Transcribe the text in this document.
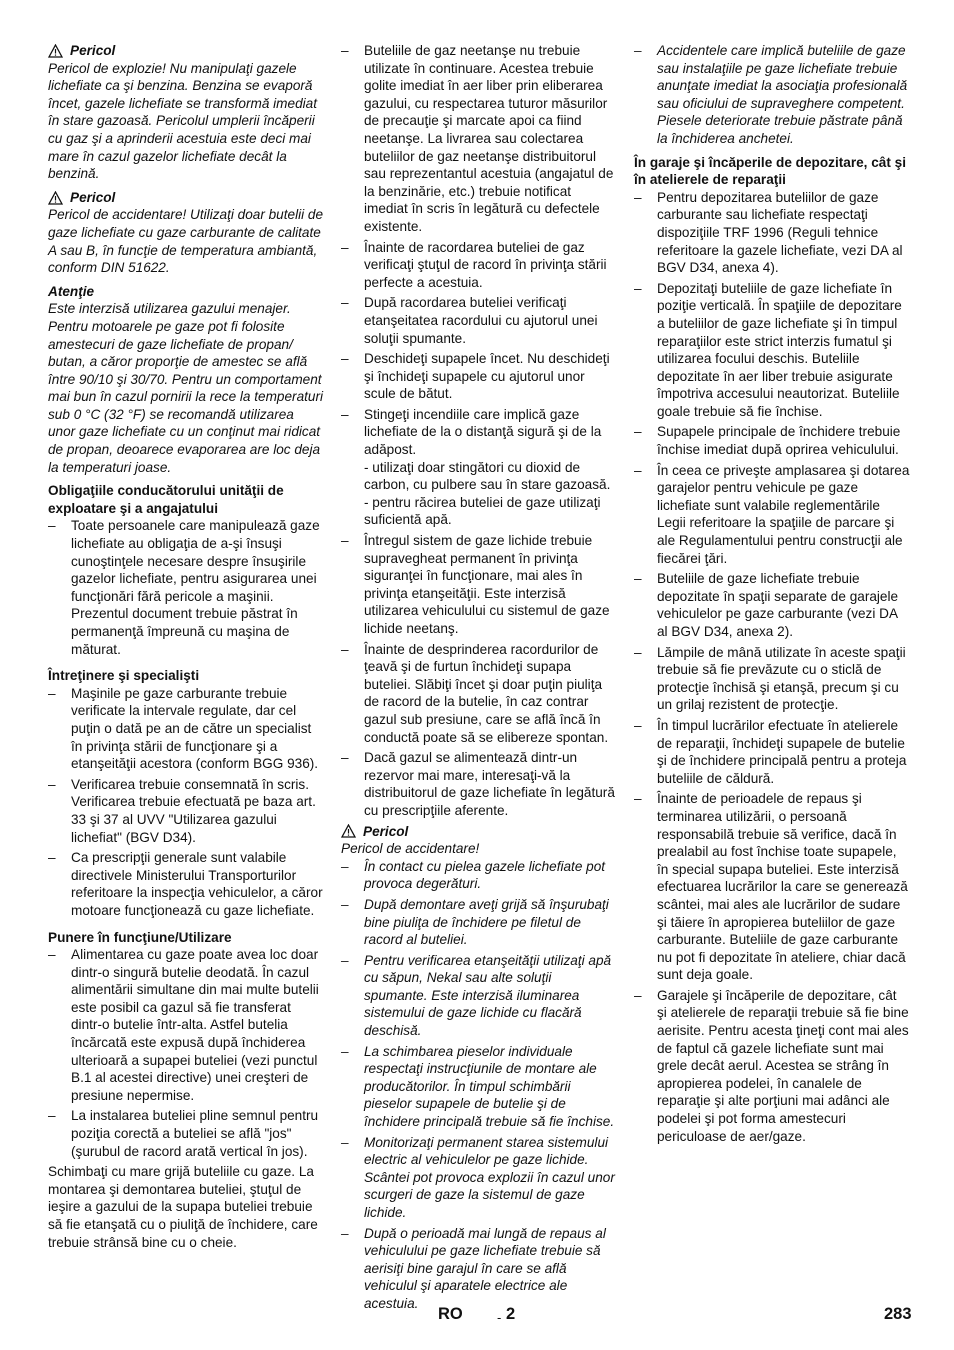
Pericol

Pericol de explozie! Nu manipulaţi gazele lichefiate ca şi benzina. Benzina se evaporă încet, gazele lichefiate se transformă imediat în stare gazoasă. Pericolul umplerii încăperii cu gaz şi a aprinderii acestuia este deci mai mare în cazul gazelor lichefiate decât la benzină.

Pericol

Pericol de accidentare! Utilizaţi doar butelii de gaze lichefiate cu gaze carburante de calitate A sau B, în funcţie de temperatura ambiantă, conform DIN 51622.

Atenţie

Este interzisă utilizarea gazului menajer. Pentru motoarele pe gaze pot fi folosite amestecuri de gaze lichefiate de propan/ butan, a căror proporţie de amestec se află între 90/10 şi 30/70. Pentru un comportament mai bun în cazul pornirii la rece la temperaturi sub 0 °C (32 °F) se recomandă utilizarea unor gaze lichefiate cu un conţinut mai ridicat de propan, deoarece evaporarea are loc deja la temperaturi joase.

Obligaţiile conducătorului unităţii de exploatare şi a angajatului

– Toate persoanele care manipulează gaze lichefiate au obligaţia de a-şi însuşi cunoştinţele necesare despre însuşirile gazelor lichefiate, pentru asigurarea unei funcţionări fără pericole a maşinii. Prezentul document trebuie păstrat în permanenţă împreună cu maşina de măturat.

Întreţinere şi specialişti

– Maşinile pe gaze carburante trebuie verificate la intervale regulate, dar cel puţin o dată pe an de către un specialist în privinţa stării de funcţionare şi a etanşeităţii acestora (conform BGG 936).
– Verificarea trebuie consemnată în scris. Verificarea trebuie efectuată pe baza art. 33 şi 37 al UVV "Utilizarea gazului lichefiat" (BGV D34).
– Ca prescripţii generale sunt valabile directivele Ministerului Transporturilor referitoare la inspecţia vehiculelor, a căror motoare funcţionează cu gaze lichefiate.

Punere în funcţiune/Utilizare

– Alimentarea cu gaze poate avea loc doar dintr-o singură butelie deodată. În cazul alimentării simultane din mai multe butelii este posibil ca gazul să fie transferat dintr-o butelie într-alta. Astfel butelia încărcată este expusă după închiderea ulterioară a supapei buteliei (vezi punctul B.1 al acestei directive) unei creşteri de presiune nepermise.
– La instalarea buteliei pline semnul pentru poziţia corectă a buteliei se află "jos" (şurubul de racord arată vertical în jos).

Schimbaţi cu mare grijă buteliile cu gaze. La montarea şi demontarea buteliei, ştuţul de ieşire a gazului de la supapa buteliei trebuie să fie etanşată cu o piuliţă de închidere, care trebuie strânsă bine cu o cheie.

– Buteliile de gaz neetanşe nu trebuie utilizate în continuare. Acestea trebuie golite imediat în aer liber prin eliberarea gazului, cu respectarea tuturor măsurilor de precauţie şi marcate apoi ca fiind neetanşe. La livrarea sau colectarea buteliilor de gaz neetanşe distribuitorul sau reprezentantul acestuia (angajatul de la benzinărie, etc.) trebuie notificat imediat în scris în legătură cu defectele existente.
– Înainte de racordarea buteliei de gaz verificaţi ştuţul de racord în privinţa stării perfecte a acestuia.
– După racordarea buteliei verificaţi etanşeitatea racordului cu ajutorul unei soluţii spumante.
– Deschideţi supapele încet. Nu deschideţi şi închideţi supapele cu ajutorul unor scule de bătut.
– Stingeţi incendiile care implică gaze lichefiate de la o distanţă sigură şi de la adăpost.
- utilizaţi doar stingători cu dioxid de carbon, cu pulbere sau în stare gazoasă.
- pentru răcirea buteliei de gaze utilizaţi suficientă apă.
– Întregul sistem de gaze lichide trebuie supravegheat permanent în privinţa siguranţei în funcţionare, mai ales în privinţa etanşeităţii. Este interzisă utilizarea vehiculului cu sistemul de gaze lichide neetanş.
– Înainte de desprinderea racordurilor de ţeavă şi de furtun închideţi supapa buteliei. Slăbiţi încet şi doar puţin piuliţa de racord de la butelie, în caz contrar gazul sub presiune, care se află încă în conductă poate să se elibereze spontan.
– Dacă gazul se alimentează dintr-un rezervor mai mare, interesaţi-vă la distribuitorul de gaze lichefiate în legătură cu prescripţiile aferente.

Pericol

Pericol de accidentare!

– În contact cu pielea gazele lichefiate pot provoca degerături.
– După demontare aveţi grijă să înşurubaţi bine piuliţa de închidere pe filetul de racord al buteliei.
– Pentru verificarea etanşeităţii utilizaţi apă cu săpun, Nekal sau alte soluţii spumante. Este interzisă iluminarea sistemului de gaze lichide cu flacără deschisă.
– La schimbarea pieselor individuale respectaţi instrucţiunile de montare ale producătorilor. În timpul schimbării pieselor supapele de butelie şi de închidere principală trebuie să fie închise.
– Monitorizaţi permanent starea sistemului electric al vehiculelor pe gaze lichide. Scântei pot provoca explozii în cazul unor scurgeri de gaze la sistemul de gaze lichide.
– După o perioadă mai lungă de repaus al vehiculului pe gaze lichefiate trebuie să aerisiţi bine garajul în care se află vehiculul şi aparatele electrice ale acestuia.
– Accidentele care implică buteliile de gaze sau instalaţiile pe gaze lichefiate trebuie anunţate imediat la asociaţia profesională sau oficiului de supraveghere competent. Piesele deteriorate trebuie păstrate până la închiderea anchetei.

În garaje şi încăperile de depozitare, cât şi în atelierele de reparaţii

– Pentru depozitarea buteliilor de gaze carburante sau lichefiate respectaţi dispoziţiile TRF 1996 (Reguli tehnice referitoare la gazele lichefiate, vezi DA al BGV D34, anexa 4).
– Depozitaţi buteliile de gaze lichefiate în poziţie verticală. În spaţiile de depozitare a buteliilor de gaze lichefiate şi în timpul reparaţiilor este strict interzis fumatul şi utilizarea focului deschis. Buteliile depozitate în aer liber trebuie asigurate împotriva accesului neautorizat. Buteliile goale trebuie să fie închise.
– Supapele principale de închidere trebuie închise imediat după oprirea vehiculului.
– În ceea ce priveşte amplasarea şi dotarea garajelor pentru vehicule pe gaze lichefiate sunt valabile reglementările Legii referitoare la spaţiile de parcare şi ale Regulamentului pentru construcţii ale fiecărei ţări.
– Buteliile de gaze lichefiate trebuie depozitate în spaţii separate de garajele vehiculelor pe gaze carburante (vezi DA al BGV D34, anexa 2).
– Lămpile de mână utilizate în aceste spaţii trebuie să fie prevăzute cu o sticlă de protecţie închisă şi etanşă, precum şi cu un grilaj rezistent de protecţie.
– În timpul lucrărilor efectuate în atelierele de reparaţii, închideţi supapele de butelie şi de închidere principală pentru a proteja buteliile de căldură.
– Înainte de perioadele de repaus şi terminarea utilizării, o persoană responsabilă trebuie să verifice, dacă în prealabil au fost închise toate supapele, în special supapa buteliei. Este interzisă efectuarea lucrărilor la care se generează scântei, mai ales ale lucrărilor de sudare şi tăiere în apropierea buteliilor de gaze carburante. Buteliile de gaze carburante nu pot fi depozitate în ateliere, chiar dacă sunt deja goale.
– Garajele şi încăperile de depozitare, cât şi atelierele de reparaţii trebuie să fie bine aerisite. Pentru acesta ţineţi cont mai ales de faptul că gazele lichefiate sunt mai grele decât aerul. Acestea se strâng în apropierea podelei, în canalele de reparaţie şi alte porţiuni mai adânci ale podelei şi pot forma amestecuri periculoase de aer/gaze.
RO	- 2	283
